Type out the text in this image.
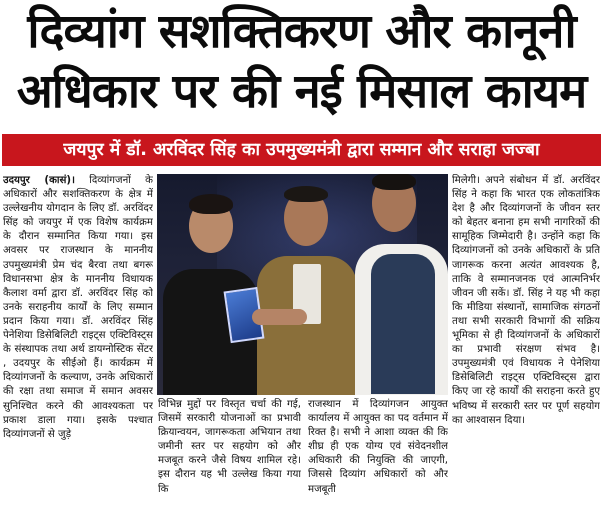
दिव्यांग सशक्तिकरण और कानूनी
अधिकार पर की नई मिसाल कायम
जयपुर में डॉ. अरविंदर सिंह का उपमुख्यमंत्री द्वारा सम्मान और सराहा जज्बा
उदयपुर (कासं)। दिव्यांगजनों के अधिकारों और सशक्तिकरण के क्षेत्र में उल्लेखनीय योगदान के लिए डॉ. अरविंदर सिंह को जयपुर में एक विशेष कार्यक्रम के दौरान सम्मानित किया गया। इस अवसर पर राजस्थान के माननीय उपमुख्यमंत्री प्रेम चंद बैरवा तथा बगरू विधानसभा क्षेत्र के माननीय विधायक कैलाश वर्मा द्वारा डॉ. अरविंदर सिंह को उनके सराहनीय कार्यों के लिए सम्मान प्रदान किया गया। डॉ. अरविंदर सिंह पेनेशिया डिसेबिलिटी राइट्स एक्टिविस्ट्स के संस्थापक तथा अर्थ डायग्नोस्टिक सेंटर , उदयपुर के सीईओ हैं। कार्यक्रम में दिव्यांगजनों के कल्याण, उनके अधिकारों की रक्षा तथा समाज में समान अवसर सुनिश्चित करने की आवश्यकता पर प्रकाश डाला गया। इसके पश्चात दिव्यांगजनों से जुड़े
विभिन्न मुद्दों पर विस्तृत चर्चा की गई, जिसमें सरकारी योजनाओं का प्रभावी क्रियान्वयन, जागरूकता अभियान तथा जमीनी स्तर पर सहयोग को और मजबूत करने जैसे विषय शामिल रहे। इस दौरान यह भी उल्लेख किया गया कि
राजस्थान में दिव्यांगजन आयुक्त कार्यालय में आयुक्त का पद वर्तमान में रिक्त है। सभी ने आशा व्यक्त की कि शीघ्र ही एक योग्य एवं संवेदनशील अधिकारी की नियुक्ति की जाएगी, जिससे दिव्यांग अधिकारों को और मजबूती
मिलेगी। अपने संबोधन में डॉ. अरविंदर सिंह ने कहा कि भारत एक लोकतांत्रिक देश है और दिव्यांगजनों के जीवन स्तर को बेहतर बनाना हम सभी नागरिकों की सामूहिक जिम्मेदारी है। उन्होंने कहा कि दिव्यांगजनों को उनके अधिकारों के प्रति जागरूक करना अत्यंत आवश्यक है, ताकि वे सम्मानजनक एवं आत्मनिर्भर जीवन जी सकें। डॉ. सिंह ने यह भी कहा कि मीडिया संस्थानों, सामाजिक संगठनों तथा सभी सरकारी विभागों की सक्रिय भूमिका से ही दिव्यांगजनों के अधिकारों का प्रभावी संरक्षण संभव है। उपमुख्यमंत्री एवं विधायक ने पेनेशिया डिसेबिलिटी राइट्स एक्टिविस्ट्स द्वारा किए जा रहे कार्यों की सराहना करते हुए भविष्य में सरकारी स्तर पर पूर्ण सहयोग का आश्वासन दिया।
